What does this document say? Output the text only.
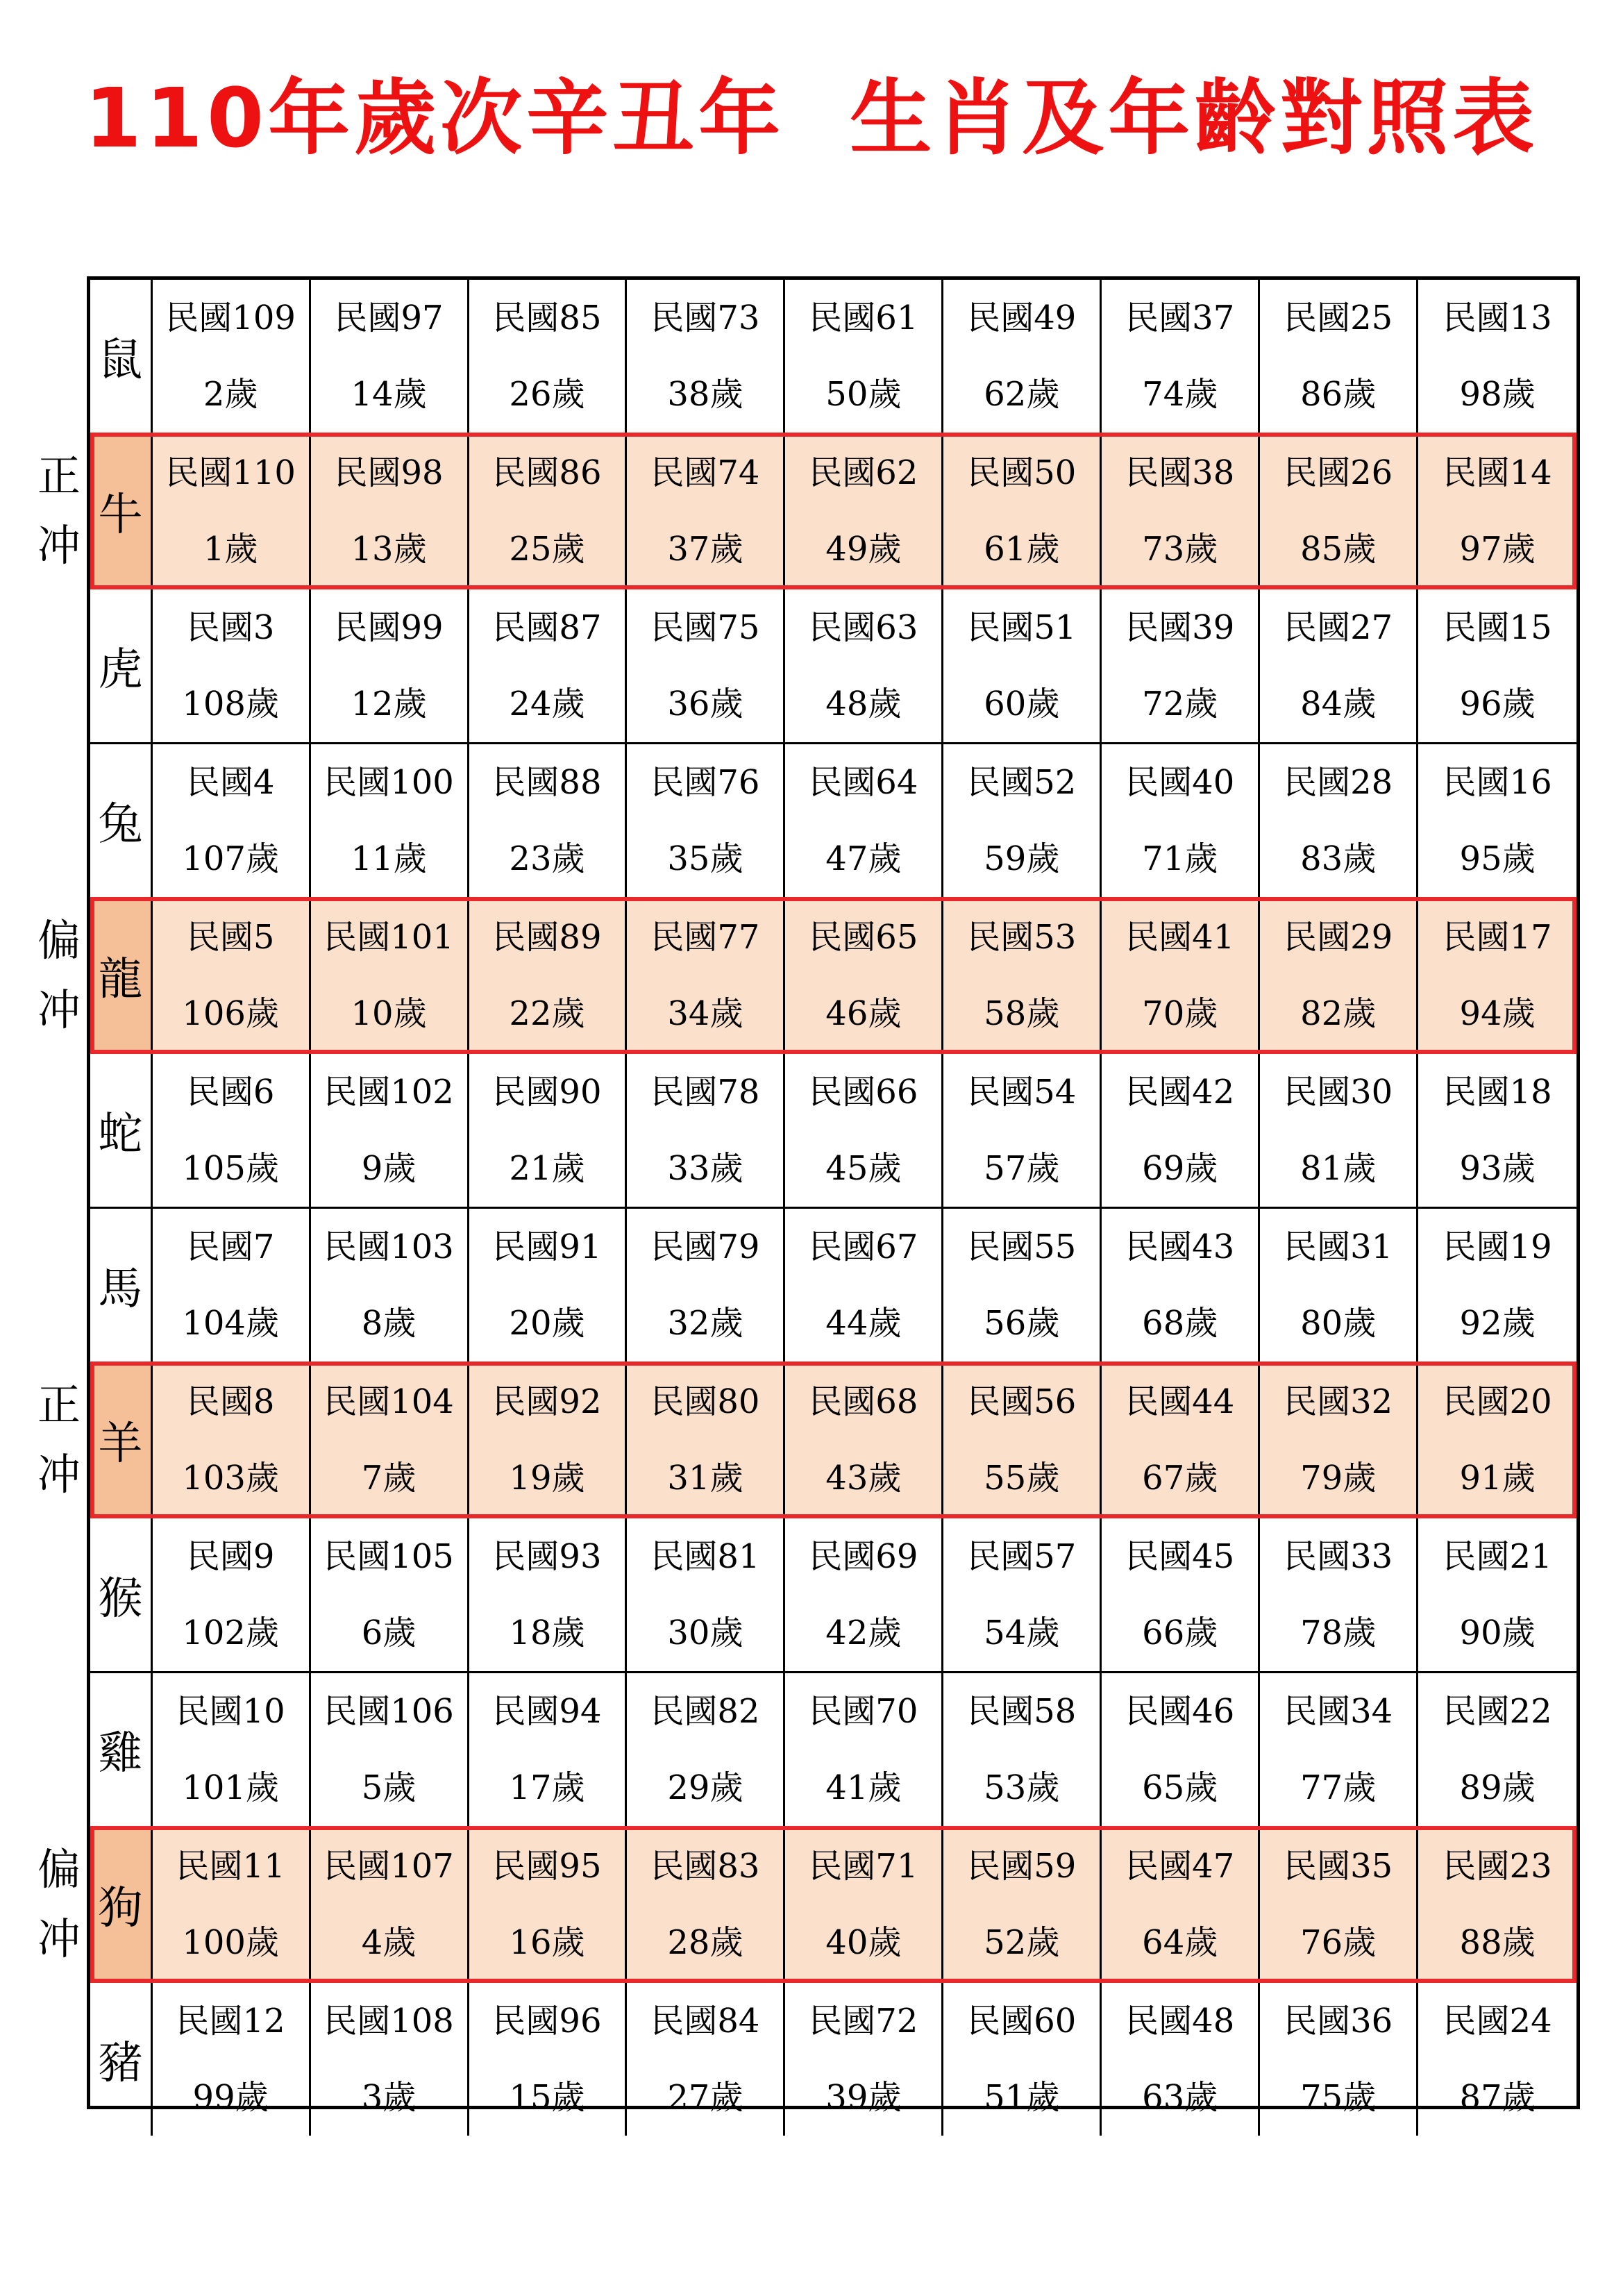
110年歲次辛丑年  生肖及年齡對照表
鼠
民國109
2歲
民國97
14歲
民國85
26歲
民國73
38歲
民國61
50歲
民國49
62歲
民國37
74歲
民國25
86歲
民國13
98歲
牛
民國110
1歲
民國98
13歲
民國86
25歲
民國74
37歲
民國62
49歲
民國50
61歲
民國38
73歲
民國26
85歲
民國14
97歲
虎
民國3
108歲
民國99
12歲
民國87
24歲
民國75
36歲
民國63
48歲
民國51
60歲
民國39
72歲
民國27
84歲
民國15
96歲
兔
民國4
107歲
民國100
11歲
民國88
23歲
民國76
35歲
民國64
47歲
民國52
59歲
民國40
71歲
民國28
83歲
民國16
95歲
龍
民國5
106歲
民國101
10歲
民國89
22歲
民國77
34歲
民國65
46歲
民國53
58歲
民國41
70歲
民國29
82歲
民國17
94歲
蛇
民國6
105歲
民國102
9歲
民國90
21歲
民國78
33歲
民國66
45歲
民國54
57歲
民國42
69歲
民國30
81歲
民國18
93歲
馬
民國7
104歲
民國103
8歲
民國91
20歲
民國79
32歲
民國67
44歲
民國55
56歲
民國43
68歲
民國31
80歲
民國19
92歲
羊
民國8
103歲
民國104
7歲
民國92
19歲
民國80
31歲
民國68
43歲
民國56
55歲
民國44
67歲
民國32
79歲
民國20
91歲
猴
民國9
102歲
民國105
6歲
民國93
18歲
民國81
30歲
民國69
42歲
民國57
54歲
民國45
66歲
民國33
78歲
民國21
90歲
雞
民國10
101歲
民國106
5歲
民國94
17歲
民國82
29歲
民國70
41歲
民國58
53歲
民國46
65歲
民國34
77歲
民國22
89歲
狗
民國11
100歲
民國107
4歲
民國95
16歲
民國83
28歲
民國71
40歲
民國59
52歲
民國47
64歲
民國35
76歲
民國23
88歲
豬
民國12
99歲
民國108
3歲
民國96
15歲
民國84
27歲
民國72
39歲
民國60
51歲
民國48
63歲
民國36
75歲
民國24
87歲
正冲
偏冲
正冲
偏冲
